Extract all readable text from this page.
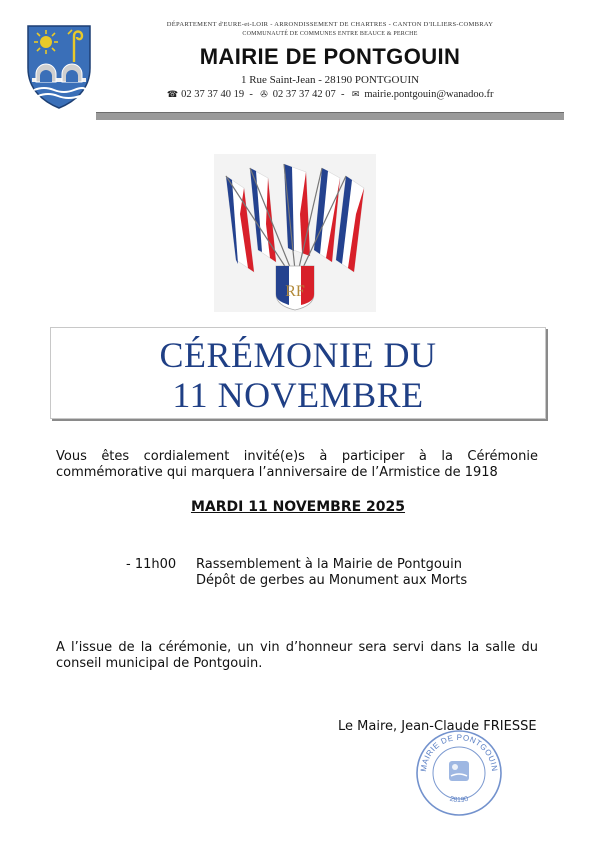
DÉPARTEMENT d'EURE-et-LOIR - ARRONDISSEMENT DE CHARTRES - CANTON D'ILLIERS-COMBRAY
COMMUNAUTÉ DE COMMUNES ENTRE BEAUCE & PERCHE
MAIRIE DE PONTGOUIN
1 Rue Saint-Jean - 28190 PONTGOUIN
☎ 02 37 37 40 19 - ✇ 02 37 37 42 07 - ✉ mairie.pontgouin@wanadoo.fr
RF
CÉRÉMONIE DU
11 NOVEMBRE
Vous êtes cordialement invité(e)s à participer à la Cérémonie
commémorative qui marquera l’anniversaire de l’Armistice de 1918
MARDI 11 NOVEMBRE 2025
- 11h00 Rassemblement à la Mairie de Pontgouin
Dépôt de gerbes au Monument aux Morts
A l’issue de la cérémonie, un vin d’honneur sera servi dans la salle du
conseil municipal de Pontgouin.
Le Maire, Jean-Claude FRIESSE
MAIRIE DE PONTGOUIN
28190
